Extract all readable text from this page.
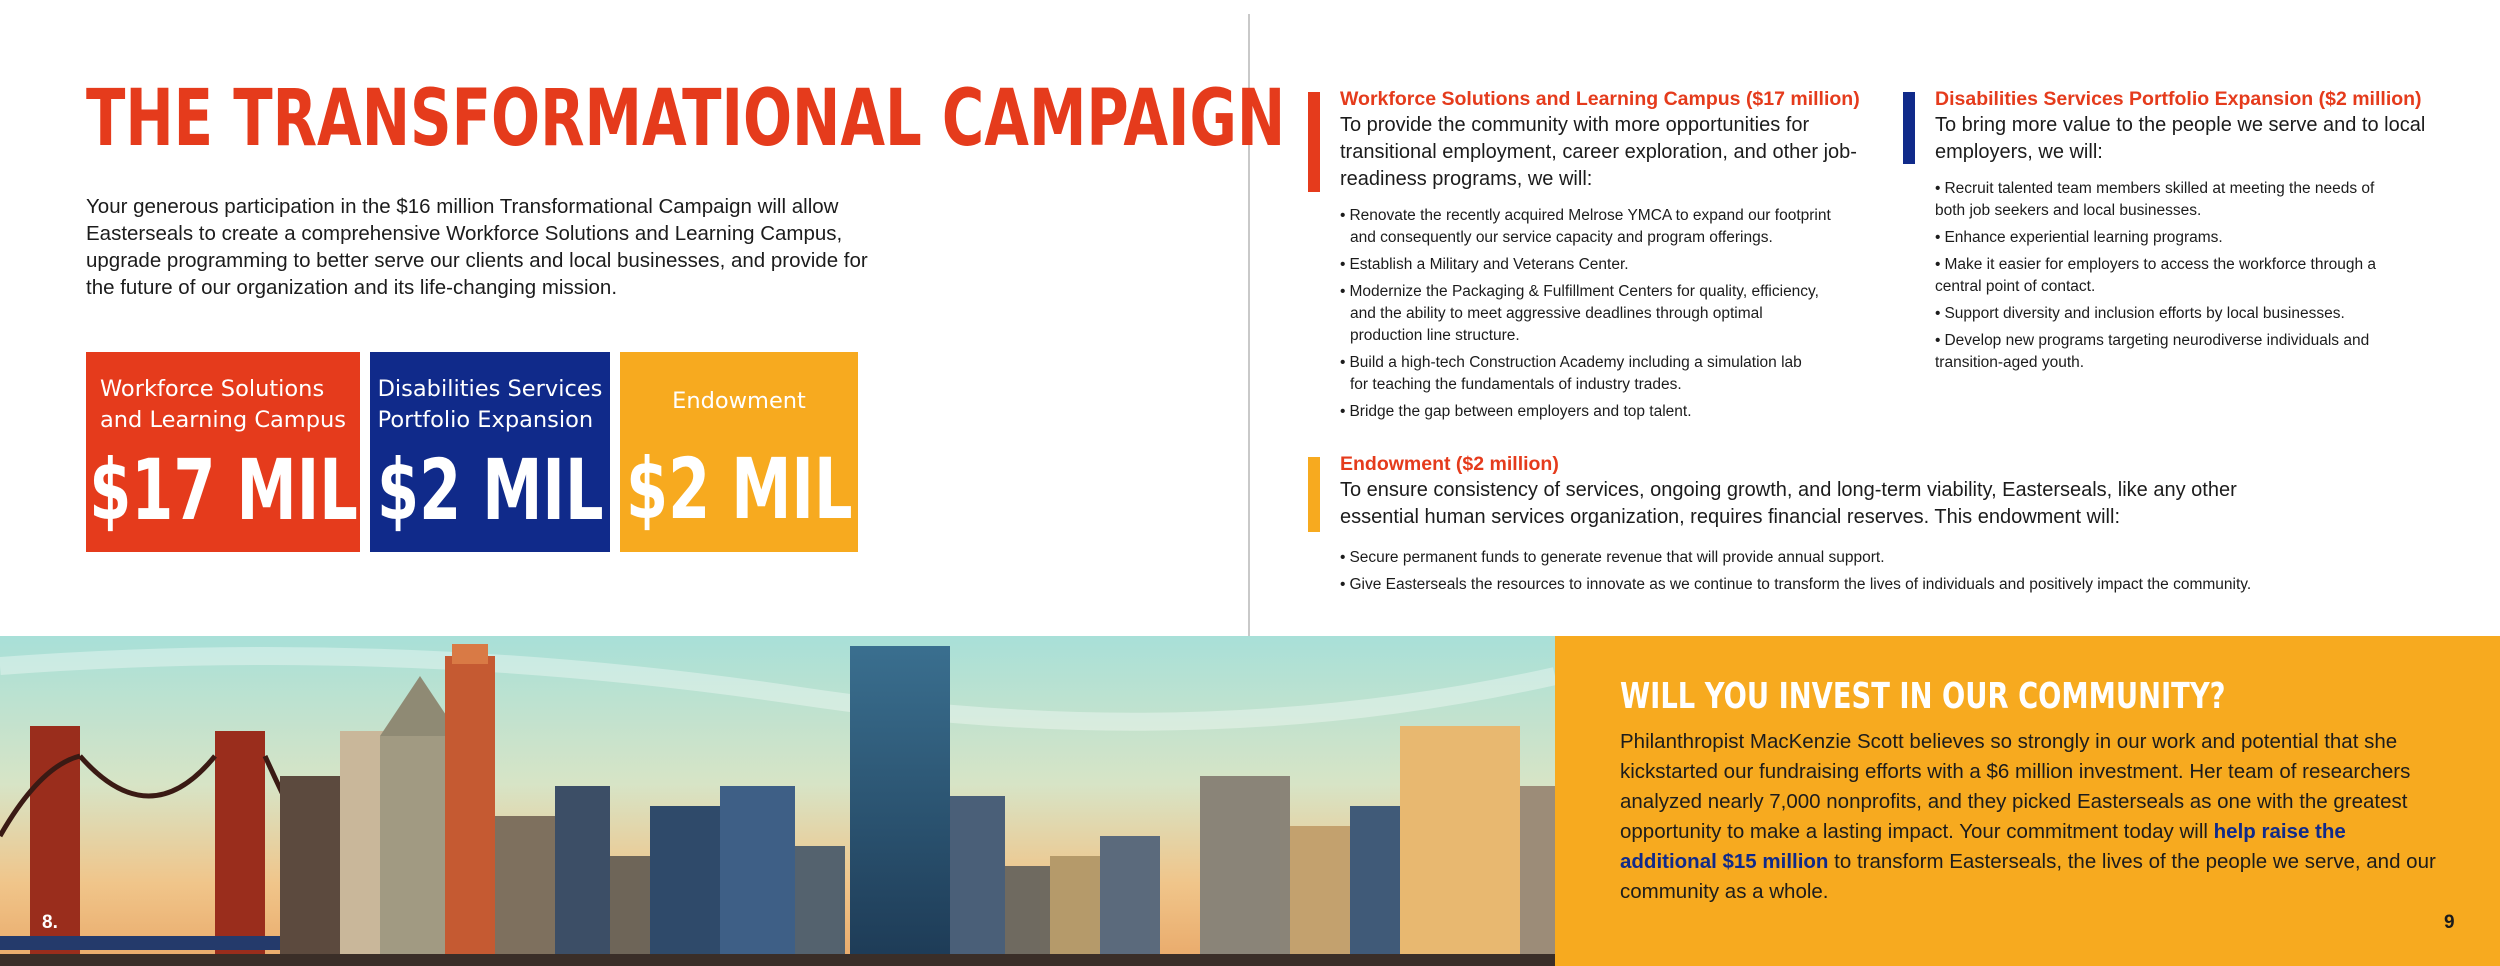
THE TRANSFORMATIONAL CAMPAIGN

Your generous participation in the $16 million Transformational Campaign will allow Easterseals to create a comprehensive Workforce Solutions and Learning Campus, upgrade programming to better serve our clients and local businesses, and provide for the future of our organization and its life-changing mission.

Workforce Solutions
and Learning Campus
$17 MIL
Disabilities Services
Portfolio Expansion
$2 MIL
Endowment
$2 MIL

Workforce Solutions and Learning Campus ($17 million)

To provide the community with more opportunities for transitional employment, career exploration, and other job-readiness programs, we will:

• Renovate the recently acquired Melrose YMCA to expand our footprint
and consequently our service capacity and program offerings.
• Establish a Military and Veterans Center.
• Modernize the Packaging & Fulfillment Centers for quality, efficiency,
and the ability to meet aggressive deadlines through optimal
production line structure.
• Build a high-tech Construction Academy including a simulation lab
for teaching the fundamentals of industry trades.
• Bridge the gap between employers and top talent.

Disabilities Services Portfolio Expansion ($2 million)

To bring more value to the people we serve and to local employers, we will:

• Recruit talented team members skilled at meeting the needs of
both job seekers and local businesses.
• Enhance experiential learning programs.
• Make it easier for employers to access the workforce through a
central point of contact.
• Support diversity and inclusion efforts by local businesses.
• Develop new programs targeting neurodiverse individuals and
transition-aged youth.

Endowment ($2 million)

To ensure consistency of services, ongoing growth, and long-term viability, Easterseals, like any other essential human services organization, requires financial reserves. This endowment will:

• Secure permanent funds to generate revenue that will provide annual support.
• Give Easterseals the resources to innovate as we continue to transform the lives of individuals and positively impact the community.
WILL YOU INVEST IN OUR COMMUNITY?

Philanthropist MacKenzie Scott believes so strongly in our work and potential that she kickstarted our fundraising efforts with a $6 million investment. Her team of researchers analyzed nearly 7,000 nonprofits, and they picked Easterseals as one with the greatest opportunity to make a lasting impact. Your commitment today will help raise the additional $15 million to transform Easterseals, the lives of the people we serve, and our community as a whole.

8.	9
